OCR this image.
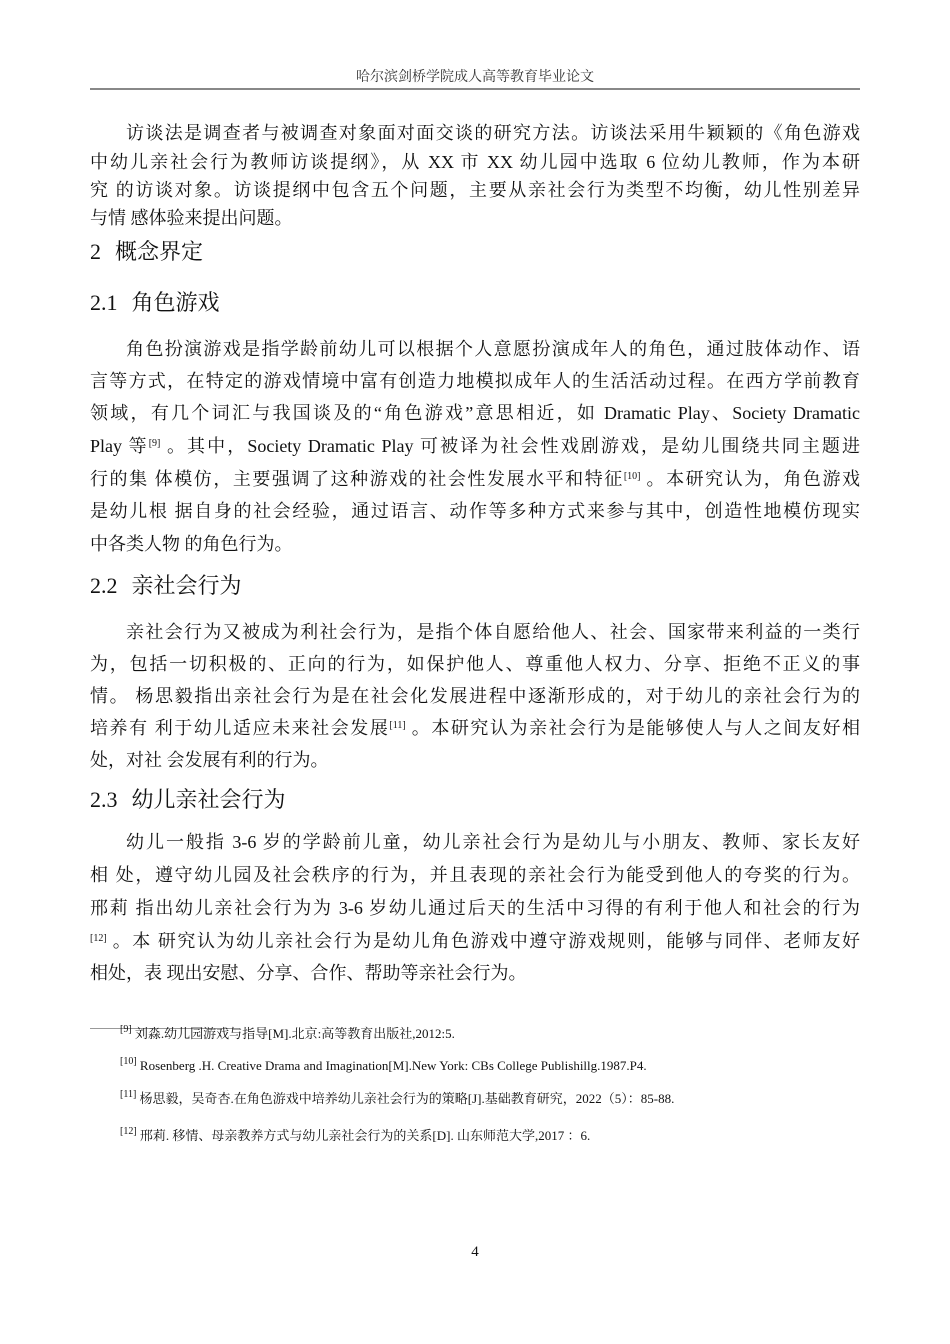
哈尔滨剑桥学院成人高等教育毕业论文
访谈法是调查者与被调查对象面对面交谈的研究方法。访谈法采用牛颖颖的《角色游戏
中幼儿亲社会行为教师访谈提纲》，从 XX 市 XX 幼儿园中选取 6 位幼儿教师，作为本研
究 的访谈对象。访谈提纲中包含五个问题，主要从亲社会行为类型不均衡，幼儿性别差异
与情 感体验来提出问题。
2 概念界定
2.1 角色游戏
角色扮演游戏是指学龄前幼儿可以根据个人意愿扮演成年人的角色，通过肢体动作、语
言等方式，在特定的游戏情境中富有创造力地模拟成年人的生活活动过程。在西方学前教育
领域，有几个词汇与我国谈及的“角色游戏”意思相近，如 Dramatic Play、Society Dramatic
Play 等[9] 。其中，Society Dramatic Play 可被译为社会性戏剧游戏，是幼儿围绕共同主题进
行的集 体模仿，主要强调了这种游戏的社会性发展水平和特征[10] 。本研究认为，角色游戏
是幼儿根 据自身的社会经验，通过语言、动作等多种方式来参与其中，创造性地模仿现实
中各类人物 的角色行为。
2.2 亲社会行为
亲社会行为又被成为利社会行为，是指个体自愿给他人、社会、国家带来利益的一类行
为，包括一切积极的、正向的行为，如保护他人、尊重他人权力、分享、拒绝不正义的事
情。 杨思毅指出亲社会行为是在社会化发展进程中逐渐形成的，对于幼儿的亲社会行为的
培养有 利于幼儿适应未来社会发展[11] 。本研究认为亲社会行为是能够使人与人之间友好相
处，对社 会发展有利的行为。
2.3 幼儿亲社会行为
幼儿一般指 3-6 岁的学龄前儿童，幼儿亲社会行为是幼儿与小朋友、教师、家长友好
相 处，遵守幼儿园及社会秩序的行为，并且表现的亲社会行为能受到他人的夸奖的行为。
邢莉 指出幼儿亲社会行为为 3-6 岁幼儿通过后天的生活中习得的有利于他人和社会的行为
[12] 。本 研究认为幼儿亲社会行为是幼儿角色游戏中遵守游戏规则，能够与同伴、老师友好
相处，表 现出安慰、分享、合作、帮助等亲社会行为。
[9] 刘淼.幼儿园游戏与指导[M].北京:高等教育出版社,2012:5.
[10] Rosenberg .H. Creative Drama and Imagination[M].New York: CBs College Publishillg.1987.P4.
[11] 杨思毅，吴奇杏.在角色游戏中培养幼儿亲社会行为的策略[J].基础教育研究，2022（5）：85-88.
[12] 邢莉. 移情、母亲教养方式与幼儿亲社会行为的关系[D]. 山东师范大学,2017 ：6.
4
